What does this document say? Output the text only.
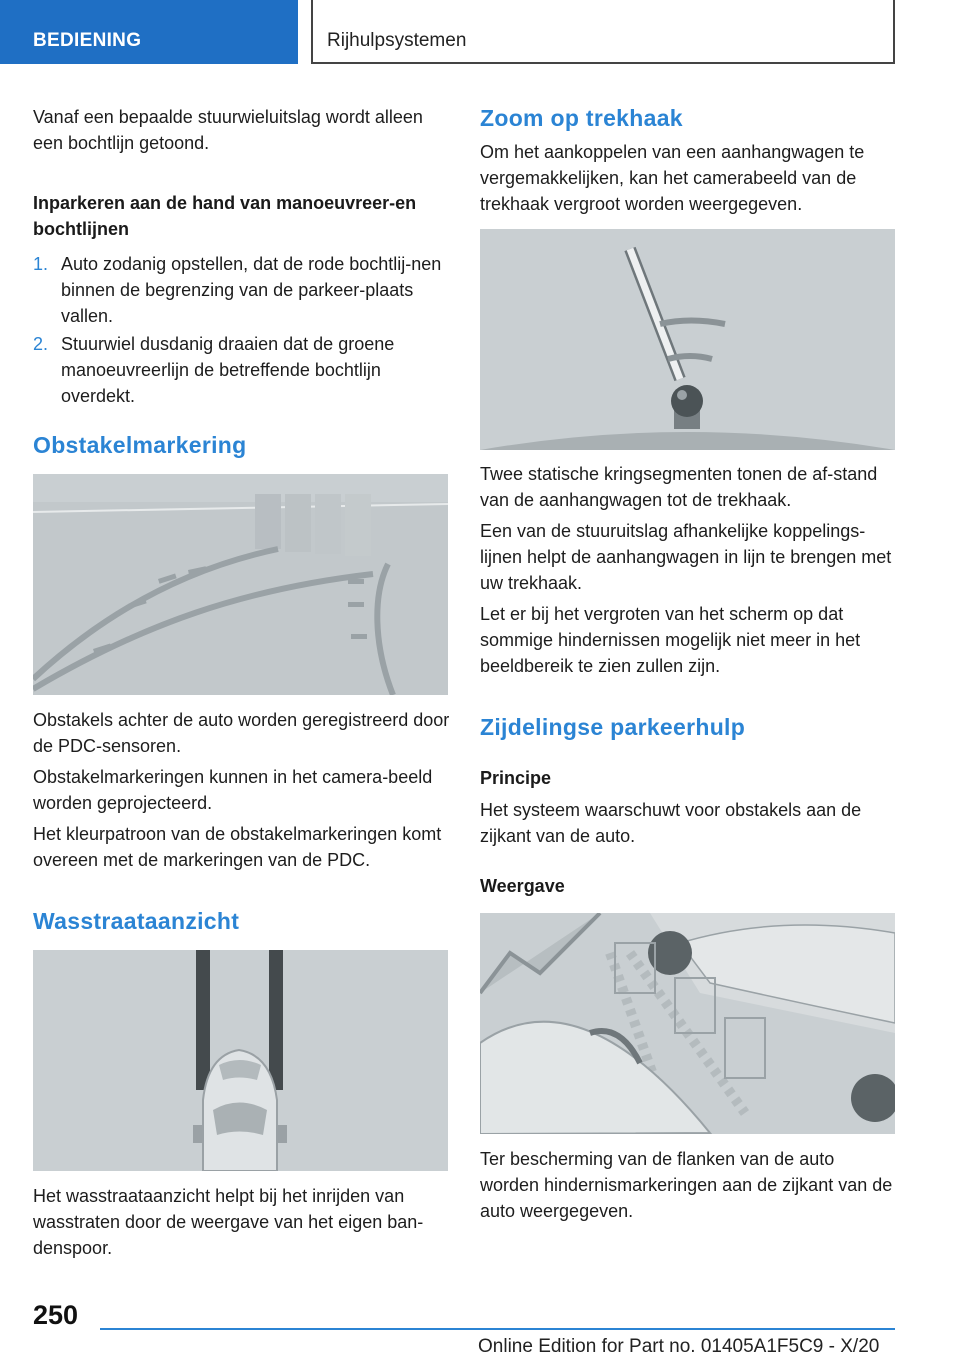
BEDIENING	Rijhulpsystemen

Vanaf een bepaalde stuurwieluitslag wordt alleen een bochtlijn getoond.

Inparkeren aan de hand van manoeuvreer-en bochtlijnen
1. Auto zodanig opstellen, dat de rode bochtlij-nen binnen de begrenzing van de parkeer-plaats vallen.

2. Stuurwiel dusdanig draaien dat de groene manoeuvreerlijn de betreffende bochtlijn overdekt.

Obstakelmarkering

Obstakels achter de auto worden geregistreerd door de PDC-sensoren.

Obstakelmarkeringen kunnen in het camera-beeld worden geprojecteerd.

Het kleurpatroon van de obstakelmarkeringen komt overeen met de markeringen van de PDC.

Wasstraataanzicht

Het wasstraataanzicht helpt bij het inrijden van wasstraten door de weergave van het eigen ban-denspoor.

Zoom op trekhaak

Om het aankoppelen van een aanhangwagen te vergemakkelijken, kan het camerabeeld van de trekhaak vergroot worden weergegeven.

Twee statische kringsegmenten tonen de af-stand van de aanhangwagen tot de trekhaak.

Een van de stuuruitslag afhankelijke koppelings-lijnen helpt de aanhangwagen in lijn te brengen met uw trekhaak.

Let er bij het vergroten van het scherm op dat sommige hindernissen mogelijk niet meer in het beeldbereik te zien zullen zijn.

Zijdelingse parkeerhulp
Principe

Het systeem waarschuwt voor obstakels aan de zijkant van de auto.

Weergave

Ter bescherming van de flanken van de auto worden hindernismarkeringen aan de zijkant van de auto weergegeven.

250
Online Edition for Part no. 01405A1F5C9 - X/20
